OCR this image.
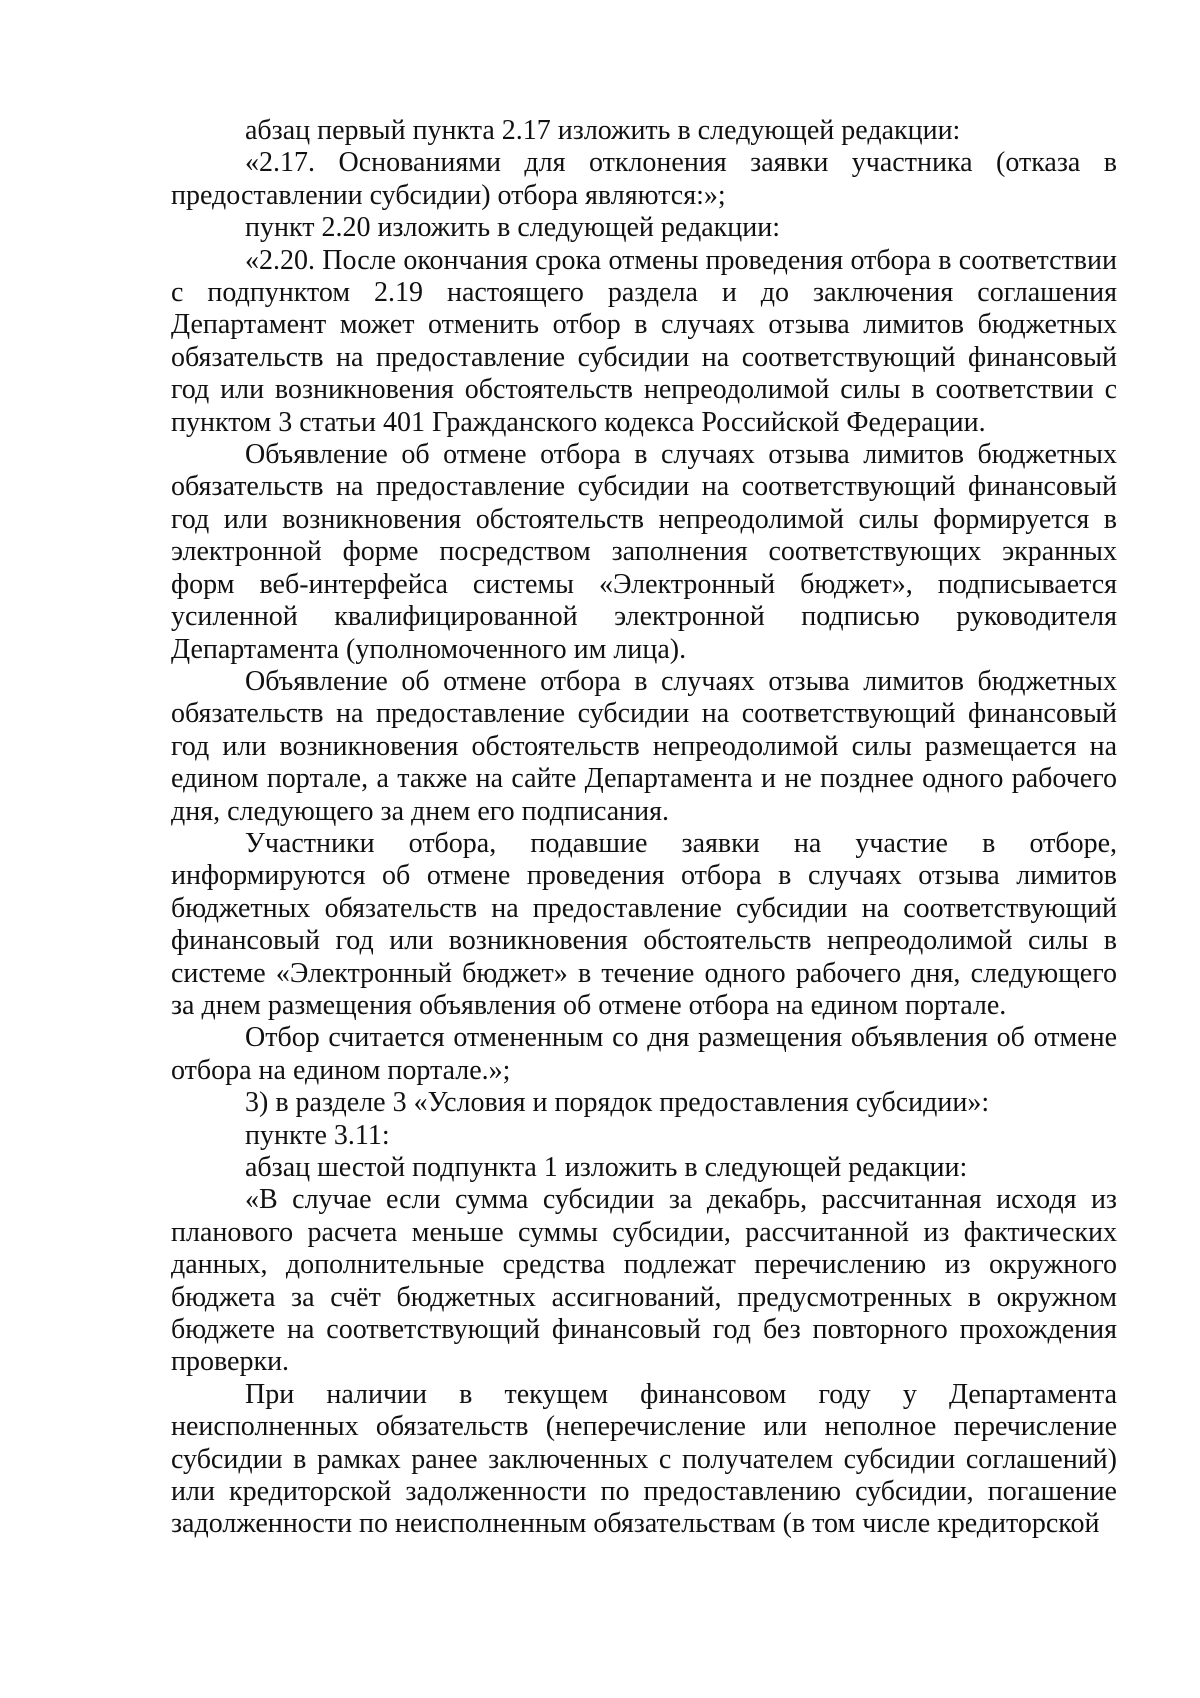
абзац первый пункта 2.17 изложить в следующей редакции:

«2.17. Основаниями для отклонения заявки участника (отказа в предоставлении субсидии) отбора являются:»;

пункт 2.20 изложить в следующей редакции:

«2.20. После окончания срока отмены проведения отбора в соответствии с подпунктом 2.19 настоящего раздела и до заключения соглашения Департамент может отменить отбор в случаях отзыва лимитов бюджетных обязательств на предоставление субсидии на соответствующий финансовый год или возникновения обстоятельств непреодолимой силы в соответствии с пунктом 3 статьи 401 Гражданского кодекса Российской Федерации.

Объявление об отмене отбора в случаях отзыва лимитов бюджетных обязательств на предоставление субсидии на соответствующий финансовый год или возникновения обстоятельств непреодолимой силы формируется в электронной форме посредством заполнения соответствующих экранных форм веб-интерфейса системы «Электронный бюджет», подписывается усиленной квалифицированной электронной подписью руководителя Департамента (уполномоченного им лица).

Объявление об отмене отбора в случаях отзыва лимитов бюджетных обязательств на предоставление субсидии на соответствующий финансовый год или возникновения обстоятельств непреодолимой силы размещается на едином портале, а также на сайте Департамента и не позднее одного рабочего дня, следующего за днем его подписания.

Участники отбора, подавшие заявки на участие в отборе, информируются об отмене проведения отбора в случаях отзыва лимитов бюджетных обязательств на предоставление субсидии на соответствующий финансовый год или возникновения обстоятельств непреодолимой силы в системе «Электронный бюджет» в течение одного рабочего дня, следующего за днем размещения объявления об отмене отбора на едином портале.

Отбор считается отмененным со дня размещения объявления об отмене отбора на едином портале.»;

3) в разделе 3 «Условия и порядок предоставления субсидии»:

пункте 3.11:

абзац шестой подпункта 1 изложить в следующей редакции:

«В случае если сумма субсидии за декабрь, рассчитанная исходя из планового расчета меньше суммы субсидии, рассчитанной из фактических данных, дополнительные средства подлежат перечислению из окружного бюджета за счёт бюджетных ассигнований, предусмотренных в окружном бюджете на соответствующий финансовый год без повторного прохождения проверки.

При наличии в текущем финансовом году у Департамента неисполненных обязательств (неперечисление или неполное перечисление субсидии в рамках ранее заключенных с получателем субсидии соглашений) или кредиторской задолженности по предоставлению субсидии, погашение задолженности по неисполненным обязательствам (в том числе кредиторской
